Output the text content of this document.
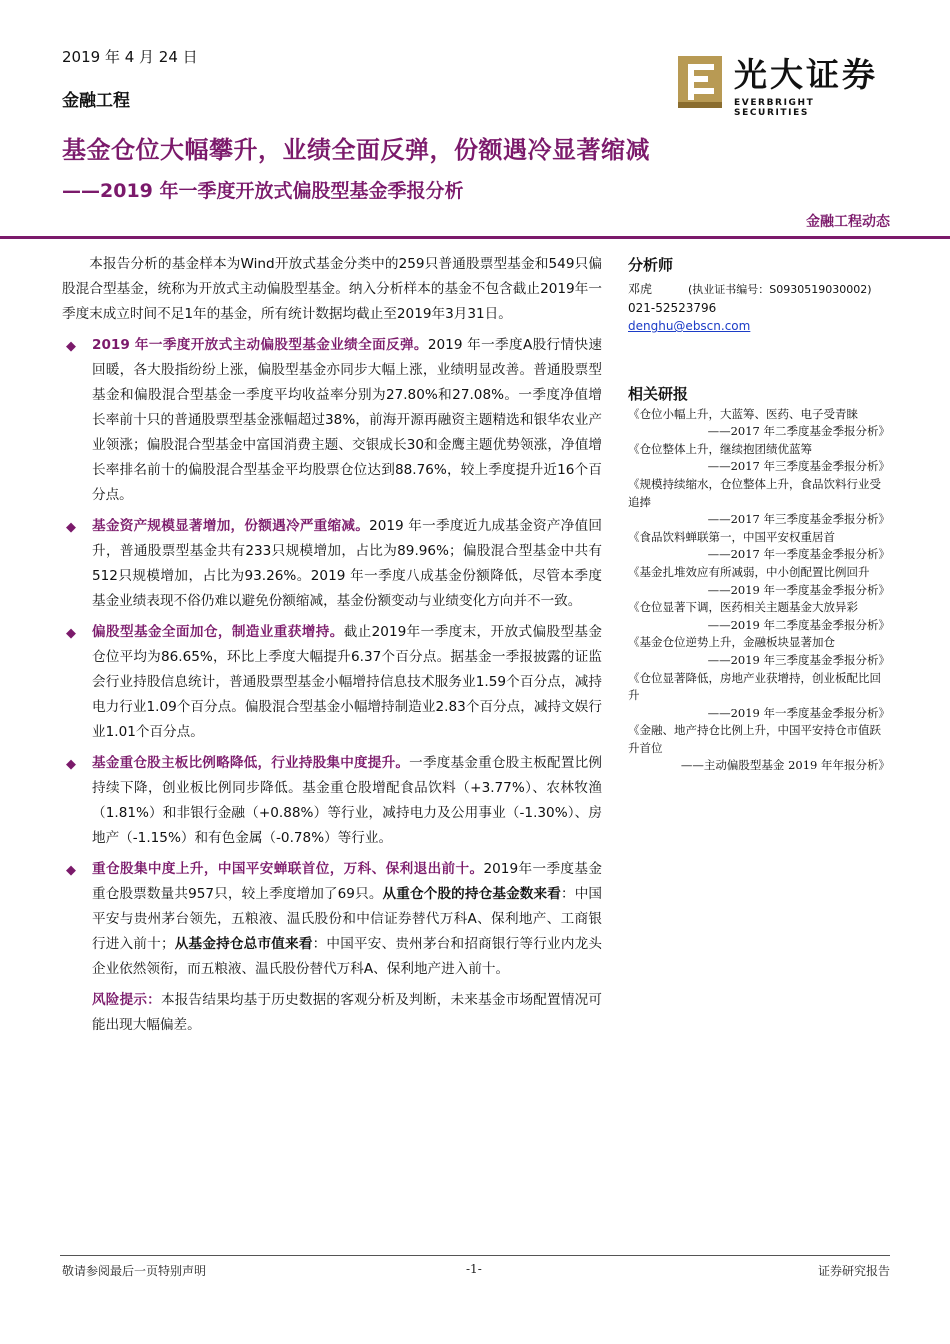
2019 年 4 月 24 日
金融工程
光大证券
EVERBRIGHT SECURITIES
基金仓位大幅攀升，业绩全面反弹，份额遇冷显著缩减
——2019 年一季度开放式偏股型基金季报分析
金融工程动态

本报告分析的基金样本为Wind开放式基金分类中的259只普通股票型基金和549只偏股混合型基金，统称为开放式主动偏股型基金。纳入分析样本的基金不包含截止2019年一季度末成立时间不足1年的基金，所有统计数据均截止至2019年3月31日。

◆ 2019 年一季度开放式主动偏股型基金业绩全面反弹。2019 年一季度A股行情快速回暖，各大股指纷纷上涨，偏股型基金亦同步大幅上涨，业绩明显改善。普通股票型基金和偏股混合型基金一季度平均收益率分别为27.80%和27.08%。一季度净值增长率前十只的普通股票型基金涨幅超过38%，前海开源再融资主题精选和银华农业产业领涨；偏股混合型基金中富国消费主题、交银成长30和金鹰主题优势领涨，净值增长率排名前十的偏股混合型基金平均股票仓位达到88.76%，较上季度提升近16个百分点。
◆ 基金资产规模显著增加，份额遇冷严重缩减。2019 年一季度近九成基金资产净值回升，普通股票型基金共有233只规模增加，占比为89.96%；偏股混合型基金中共有512只规模增加，占比为93.26%。2019 年一季度八成基金份额降低，尽管本季度基金业绩表现不俗仍难以避免份额缩减，基金份额变动与业绩变化方向并不一致。
◆ 偏股型基金全面加仓，制造业重获增持。截止2019年一季度末，开放式偏股型基金仓位平均为86.65%，环比上季度大幅提升6.37个百分点。据基金一季报披露的证监会行业持股信息统计，普通股票型基金小幅增持信息技术服务业1.59个百分点，减持电力行业1.09个百分点。偏股混合型基金小幅增持制造业2.83个百分点，减持文娱行业1.01个百分点。
◆ 基金重仓股主板比例略降低，行业持股集中度提升。一季度基金重仓股主板配置比例持续下降，创业板比例同步降低。基金重仓股增配食品饮料（+3.77%）、农林牧渔（1.81%）和非银行金融（+0.88%）等行业，减持电力及公用事业（-1.30%）、房地产（-1.15%）和有色金属（-0.78%）等行业。
◆ 重仓股集中度上升，中国平安蝉联首位，万科、保利退出前十。2019年一季度基金重仓股票数量共957只，较上季度增加了69只。从重仓个股的持仓基金数来看：中国平安与贵州茅台领先，五粮液、温氏股份和中信证券替代万科A、保利地产、工商银行进入前十；从基金持仓总市值来看：中国平安、贵州茅台和招商银行等行业内龙头企业依然领衔，而五粮液、温氏股份替代万科A、保利地产进入前十。

风险提示：本报告结果均基于历史数据的客观分析及判断，未来基金市场配置情况可能出现大幅偏差。

分析师
邓虎	(执业证书编号：S0930519030002)
021-52523796
denghu@ebscn.com
相关研报
《仓位小幅上升，大蓝筹、医药、电子受青睐
——2017 年二季度基金季报分析》
《仓位整体上升，继续抱团绩优蓝筹
——2017 年三季度基金季报分析》
《规模持续缩水，仓位整体上升，食品饮料行业受追捧
——2017 年三季度基金季报分析》
《食品饮料蝉联第一，中国平安权重居首
——2017 年一季度基金季报分析》
《基金扎堆效应有所减弱，中小创配置比例回升
——2019 年一季度基金季报分析》
《仓位显著下调，医药相关主题基金大放异彩
——2019 年二季度基金季报分析》
《基金仓位逆势上升，金融板块显著加仓
——2019 年三季度基金季报分析》
《仓位显著降低，房地产业获增持，创业板配比回升
——2019 年一季度基金季报分析》
《金融、地产持仓比例上升，中国平安持仓市值跃升首位
——主动偏股型基金 2019 年年报分析》
敬请参阅最后一页特别声明	-1-	证券研究报告
